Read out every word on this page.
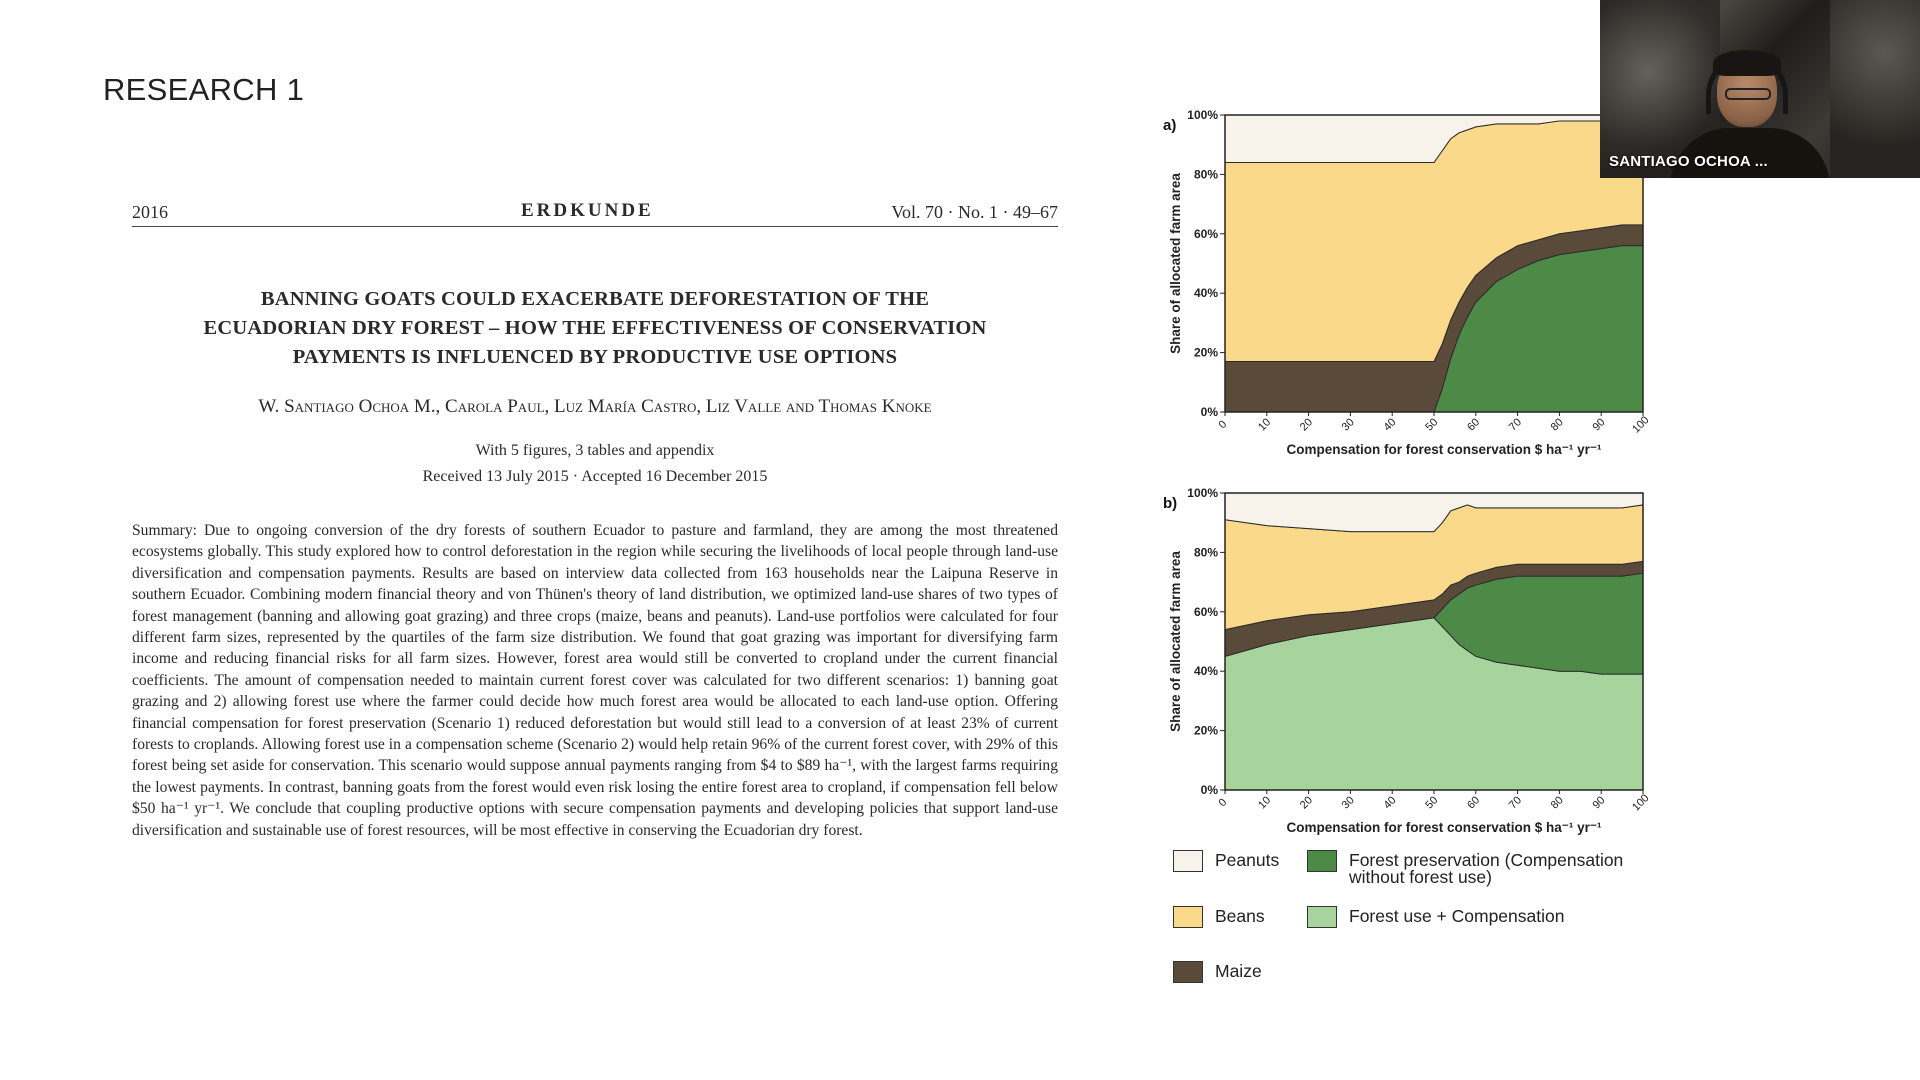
RESEARCH 1
2016	ERDKUNDE	Vol. 70 · No. 1 · 49–67
BANNING GOATS COULD EXACERBATE DEFORESTATION OF THE
ECUADORIAN DRY FOREST – HOW THE EFFECTIVENESS OF CONSERVATION
PAYMENTS IS INFLUENCED BY PRODUCTIVE USE OPTIONS
W. Santiago Ochoa M., Carola Paul, Luz María Castro, Liz Valle and Thomas Knoke
With 5 figures, 3 tables and appendix
Received 13 July 2015 · Accepted 16 December 2015
Summary: Due to ongoing conversion of the dry forests of southern Ecuador to pasture and farmland, they are among the most threatened ecosystems globally. This study explored how to control deforestation in the region while securing the livelihoods of local people through land-use diversification and compensation payments. Results are based on interview data collected from 163 households near the Laipuna Reserve in southern Ecuador. Combining modern financial theory and von Thünen's theory of land distribution, we optimized land-use shares of two types of forest management (banning and allowing goat grazing) and three crops (maize, beans and peanuts). Land-use portfolios were calculated for four different farm sizes, represented by the quartiles of the farm size distribution. We found that goat grazing was important for diversifying farm income and reducing financial risks for all farm sizes. However, forest area would still be converted to cropland under the current financial coefficients. The amount of compensation needed to maintain current forest cover was calculated for two different scenarios: 1) banning goat grazing and 2) allowing forest use where the farmer could decide how much forest area would be allocated to each land-use option. Offering financial compensation for forest preservation (Scenario 1) reduced deforestation but would still lead to a conversion of at least 23% of current forests to croplands. Allowing forest use in a compensation scheme (Scenario 2) would help retain 96% of the current forest cover, with 29% of this forest being set aside for conservation. This scenario would suppose annual payments ranging from $4 to $89 ha⁻¹, with the largest farms requiring the lowest payments. In contrast, banning goats from the forest would even risk losing the entire forest area to cropland, if compensation fell below $50 ha⁻¹ yr⁻¹. We conclude that coupling productive options with secure compensation payments and developing policies that support land-use diversification and sustainable use of forest resources, will be most effective in conserving the Ecuadorian dry forest.
0%
20%
40%
60%
80%
100%
0 10 20 30 40 50 60 70 80 90 100
Compensation for forest conservation $ ha⁻¹ yr⁻¹
Share of allocated farm area
a)
0%
20%
40%
60%
80%
100%
0 10 20 30 40 50 60 70 80 90 100
Compensation for forest conservation $ ha⁻¹ yr⁻¹
Share of allocated farm area
b)
Peanuts	Forest preservation (Compensation without forest use)
Beans	Forest use + Compensation
Maize
SANTIAGO OCHOA ...
